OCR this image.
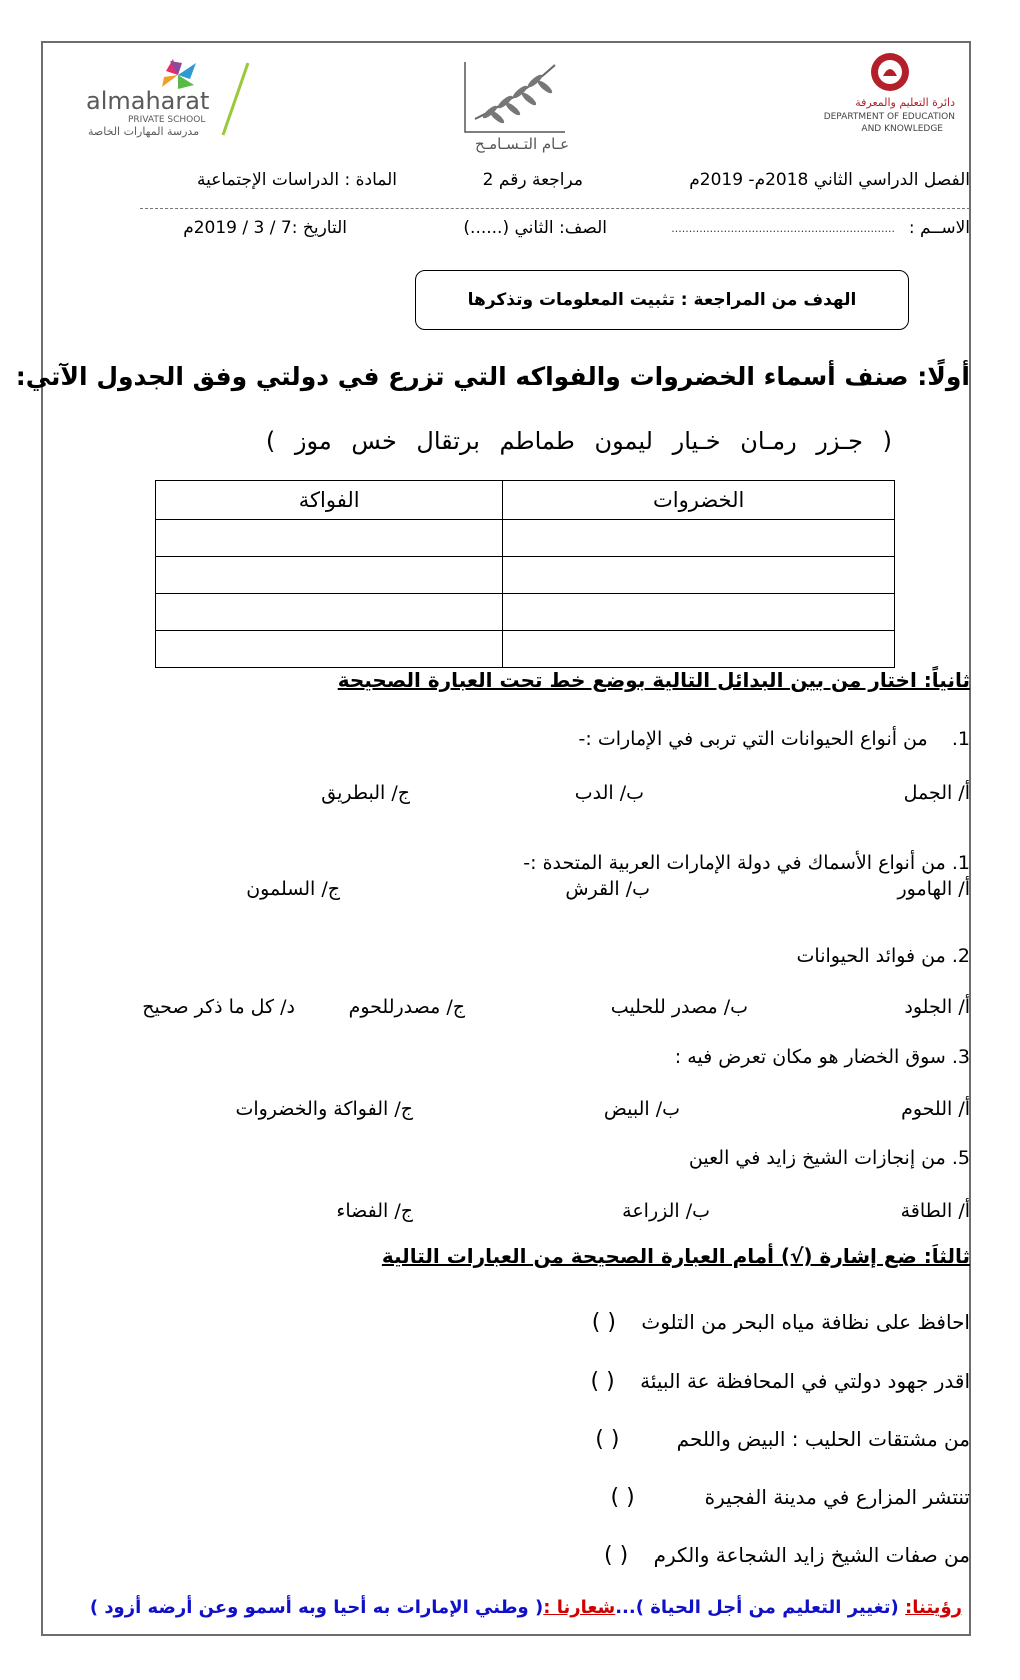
almaharat
PRIVATE SCHOOL
مدرسة المهارات الخاصة
عـام التـسـامـح
دائرة التعليم والمعرفة
DEPARTMENT OF EDUCATION
AND KNOWLEDGE
الفصل الدراسي الثاني 2018م- 2019م
مراجعة رقم 2
المادة : الدراسات الإجتماعية
الاســم :
................................................................
الصف: الثاني (......)
التاريخ :7 / 3 / 2019م
الهدف من المراجعة : تثبيت المعلومات وتذكرها
أولًا: صنف أسماء الخضروات والفواكه التي تزرع في دولتي وفق الجدول الآتي:
( جـزر رمـان خـيار ليمون طماطم برتقال خس موز )
الخضروات	الفواكة

ثانياً: اختار من بين البدائل التالية بوضع خط تحت العبارة الصحيحة
1.    من أنواع الحيوانات التي تربى في الإمارات :-
أ/ الجمل
ب/ الدب
ج/ البطريق
1. من أنواع الأسماك في دولة الإمارات العربية المتحدة :-
أ/ الهامور
ب/ القرش
ج/ السلمون
2. من فوائد الحيوانات
أ/ الجلود
ب/ مصدر للحليب
ج/ مصدرللحوم
د/ كل ما ذكر صحيح
3. سوق الخضار هو مكان تعرض فيه :
أ/ اللحوم
ب/ البيض
ج/ الفواكة والخضروات
5. من إنجازات الشيخ زايد في العين
أ/ الطاقة
ب/ الزراعة
ج/ الفضاء
ثالثاَ: ضع إشارة (√) أمام العبارة الصحيحة من العبارات التالية
احافظ على نظافة مياه البحر من التلوث    ( )
اقدر جهود دولتي في المحافظة عة البيئة    ( )
من مشتقات الحليب : البيض واللحم         ( )
تنتشر المزارع في مدينة الفجيرة           ( )
من صفات الشيخ زايد الشجاعة والكرم    ( )
رؤيتنا: (تغيير التعليم من أجل الحياة )...شعارنا :( وطني الإمارات به أحيا وبه أسمو وعن أرضه أزود )
